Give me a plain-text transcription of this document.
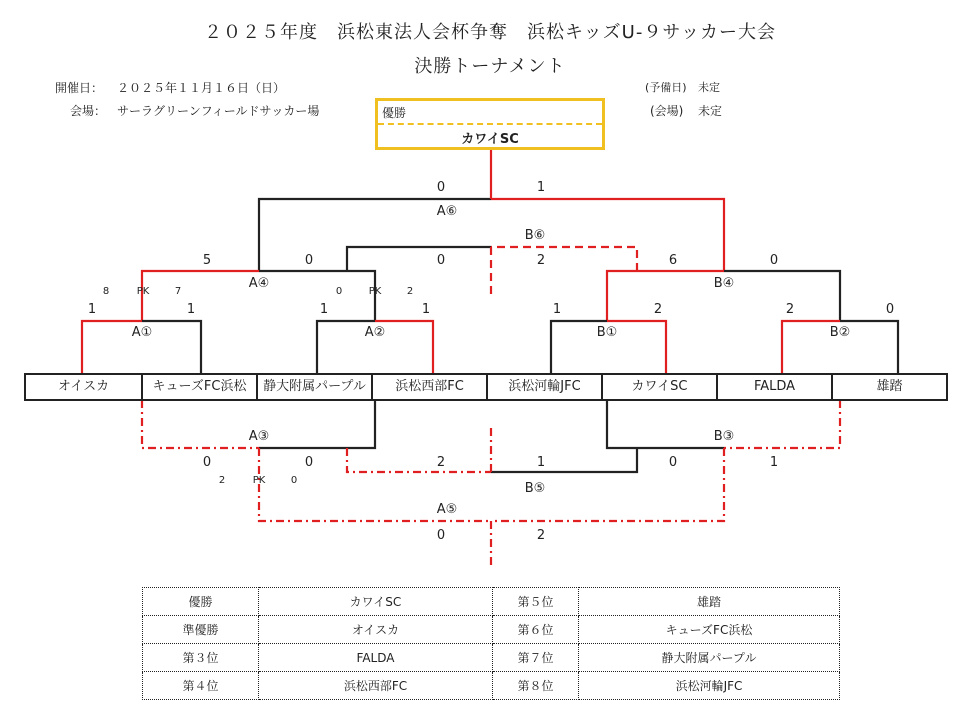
２０２５年度　浜松東法人会杯争奪　浜松キッズU-９サッカー大会
決勝トーナメント
開催日： ２０２５年１１月１６日（日）
会場： サーラグリーンフィールドサッカー場
(予備日) 未定
(会場) 未定
優勝
カワイSC
A⑥
B⑥
A④	B④
A①	A②	B①	B②
A③	B③
B⑤
A⑤
0	1
0	2
5	0	6	0
8	PK	7	0	PK	2
1	1	1	1	1	2	2	0
0	0	2	1	0	1
2	PK	0
0	2
オイスカ	キューズFC浜松	静大附属パープル	浜松西部FC	浜松河輪JFC	カワイSC	FALDA	雄踏
優勝	カワイSC	第５位	雄踏
準優勝	オイスカ	第６位	キューズFC浜松
第３位	FALDA	第７位	静大附属パープル
第４位	浜松西部FC	第８位	浜松河輪JFC
